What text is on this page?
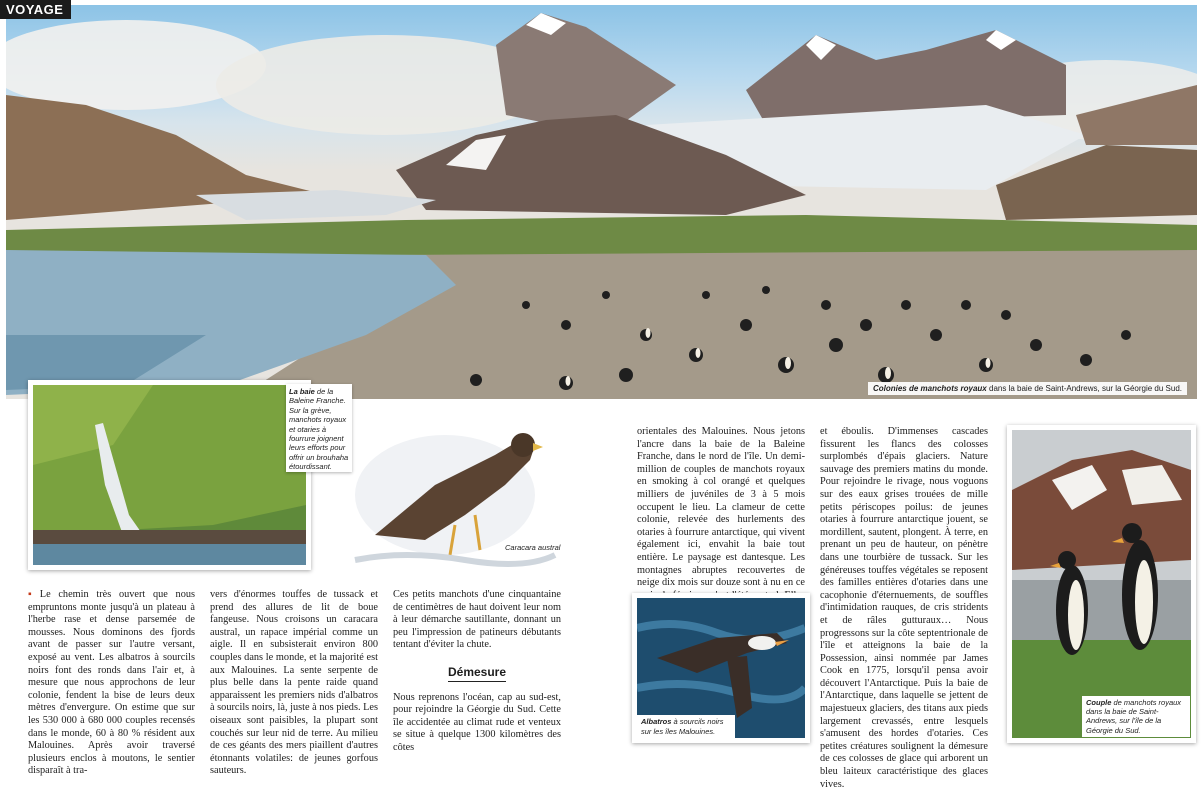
VOYAGE
Colonies de manchots royaux dans la baie de Saint-Andrews, sur la Géorgie du Sud.
La baie de la Baleine Franche. Sur la grève, manchots royaux et otaries à fourrure joignent leurs efforts pour offrir un brouhaha étourdissant.
Caracara austral

▪ Le chemin très ouvert que nous empruntons monte jusqu'à un plateau à l'herbe rase et dense parsemée de mousses. Nous dominons des fjords avant de passer sur l'autre versant, exposé au vent. Les albatros à sourcils noirs font des ronds dans l'air et, à mesure que nous approchons de leur colonie, fendent la bise de leurs deux mètres d'envergure. On estime que sur les 530 000 à 680 000 couples recensés dans le monde, 60 à 80 % résident aux Malouines. Après avoir traversé plusieurs enclos à moutons, le sentier disparaît à tra-

vers d'énormes touffes de tussack et prend des allures de lit de boue fangeuse. Nous croisons un caracara austral, un rapace impérial comme un aigle. Il en subsisterait environ 800 couples dans le monde, et la majorité est aux Malouines. La sente serpente de plus belle dans la pente raide quand apparaissent les premiers nids d'albatros à sourcils noirs, là, juste à nos pieds. Les oiseaux sont paisibles, la plupart sont couchés sur leur nid de terre. Au milieu de ces géants des mers piaillent d'autres étonnants volatiles: de jeunes gorfous sauteurs.

Ces petits manchots d'une cinquantaine de centimètres de haut doivent leur nom à leur démarche sautillante, donnant un peu l'impression de patineurs débutants tentant d'éviter la chute.

Démesure

Nous reprenons l'océan, cap au sud-est, pour rejoindre la Géorgie du Sud. Cette île accidentée au climat rude et venteux se situe à quelque 1300 kilomètres des côtes

orientales des Malouines. Nous jetons l'ancre dans la baie de la Baleine Franche, dans le nord de l'île. Un demi-million de couples de manchots royaux en smoking à col orangé et quelques milliers de juvéniles de 3 à 5 mois occupent le lieu. La clameur de cette colonie, relevée des hurlements des otaries à fourrure antarctique, qui vivent également ici, envahit la baie tout entière. Le paysage est dantesque. Les montagnes abruptes recouvertes de neige dix mois sur douze sont à nu en ce

Albatros à sourcils noirs sur les îles Malouines.

et éboulis. D'immenses cascades fissurent les flancs des colosses surplombés d'épais glaciers. Nature sauvage des premiers matins du monde. Pour rejoindre le rivage, nous voguons sur des eaux grises trouées de mille petits périscopes poilus: de jeunes otaries à fourrure antarctique jouent, se mordillent, sautent, plongent. À terre, en prenant un peu de hauteur, on pénètre dans une tourbière de tussack. Sur les généreuses touffes végétales se reposent des familles entières d'otaries dans une cacophonie d'éternuements, de souffles d'intimidation rauques, de cris stridents et de râles gutturaux… Nous progressons sur la côte septentrionale de l'île et atteignons la baie de la Possession, ainsi nommée par James Cook en 1775, lorsqu'il pensa avoir découvert l'Antarctique. Puis la baie de l'Antarctique, dans laquelle se jettent de majestueux glaciers, des titans aux pieds largement crevassés, entre lesquels s'amusent des hordes d'otaries. Ces petites créatures soulignent la démesure de ces colosses de glace qui arborent un bleu laiteux caractéristique des glaces vives.

Couple de manchots royaux dans la baie de Saint-Andrews, sur l'île de la Géorgie du Sud.
